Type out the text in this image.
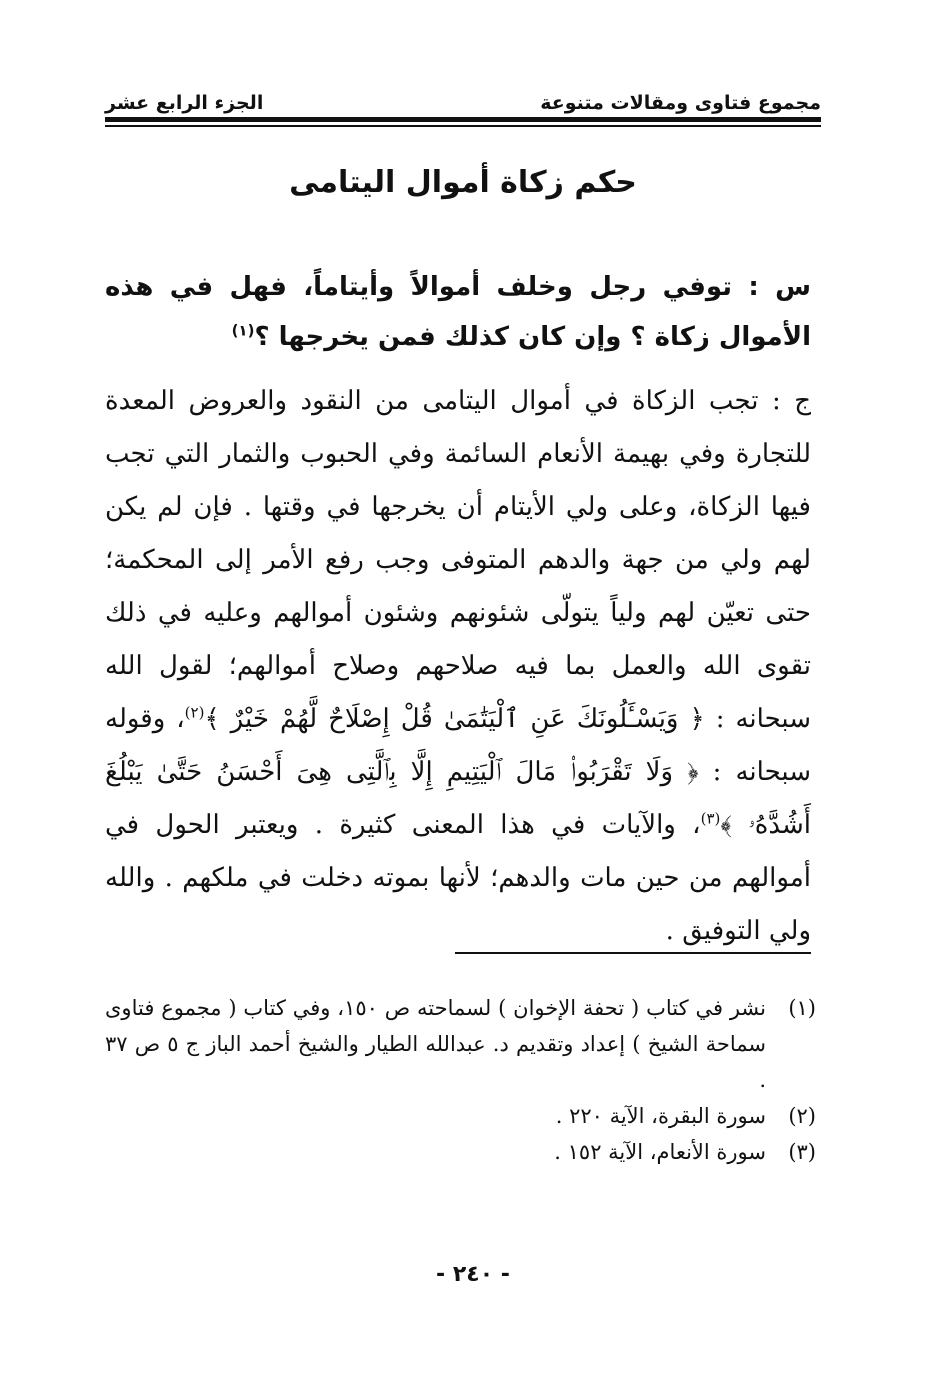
مجموع فتاوى ومقالات متنوعة
الجزء الرابع عشر
حكم زكاة أموال اليتامى
س : توفي رجل وخلف أموالاً وأيتاماً، فهل في هذه الأموال زكاة ؟ وإن كان كذلك فمن يخرجها ؟$^{(١)}$
ج : تجب الزكاة في أموال اليتامى من النقود والعروض المعدة للتجارة وفي بهيمة الأنعام السائمة وفي الحبوب والثمار التي تجب فيها الزكاة، وعلى ولي الأيتام أن يخرجها في وقتها . فإن لم يكن لهم ولي من جهة والدهم المتوفى وجب رفع الأمر إلى المحكمة؛ حتى تعيّن لهم ولياً يتولّى شئونهم وشئون أموالهم وعليه في ذلك تقوى الله والعمل بما فيه صلاحهم وصلاح أموالهم؛ لقول الله سبحانه : ﴿ وَيَسْـَٔلُونَكَ عَنِ ٱلْيَتَٰمَىٰ قُلْ إِصْلَاحٌ لَّهُمْ خَيْرٌ ﴾$^{(٢)}$، وقوله سبحانه : ﴿ وَلَا تَقْرَبُوا۟ مَالَ ٱلْيَتِيمِ إِلَّا بِٱلَّتِى هِىَ أَحْسَنُ حَتَّىٰ يَبْلُغَ أَشُدَّهُۥ ﴾$^{(٣)}$، والآيات في هذا المعنى كثيرة . ويعتبر الحول في أموالهم من حين مات والدهم؛ لأنها بموته دخلت في ملكهم . والله ولي التوفيق .
(١)
نشر في كتاب ( تحفة الإخوان ) لسماحته ص ١٥٠، وفي كتاب ( مجموع فتاوى سماحة الشيخ ) إعداد وتقديم د. عبدالله الطيار والشيخ أحمد الباز ج ٥ ص ٣٧ .
(٢)
سورة البقرة، الآية ٢٢٠ .
(٣)
سورة الأنعام، الآية ١٥٢ .
- ٢٤٠ -
